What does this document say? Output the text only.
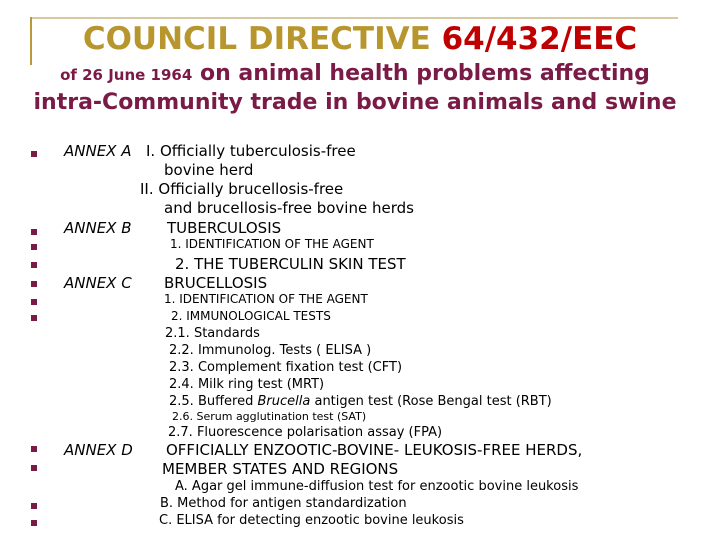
COUNCIL DIRECTIVE 64/432/EEC
of 26 June 1964 on animal health problems affecting
intra-Community trade in bovine animals and swine
ANNEX A I. Officially tuberculosis-free
bovine herd
II. Officially brucellosis-free
and brucellosis-free bovine herds
ANNEX B TUBERCULOSIS
1. IDENTIFICATION OF THE AGENT
2. THE TUBERCULIN SKIN TEST
ANNEX C BRUCELLOSIS
1. IDENTIFICATION OF THE AGENT
2. IMMUNOLOGICAL TESTS
2.1. Standards
2.2. Immunolog. Tests ( ELISA )
2.3. Complement fixation test (CFT)
2.4. Milk ring test (MRT)
2.5. Buffered Brucella antigen test (Rose Bengal test (RBT)
2.6. Serum agglutination test (SAT)
2.7. Fluorescence polarisation assay (FPA)
ANNEX D OFFICIALLY ENZOOTIC-BOVINE- LEUKOSIS-FREE HERDS,
MEMBER STATES AND REGIONS
A. Agar gel immune-diffusion test for enzootic bovine leukosis
B. Method for antigen standardization
C. ELISA for detecting enzootic bovine leukosis
